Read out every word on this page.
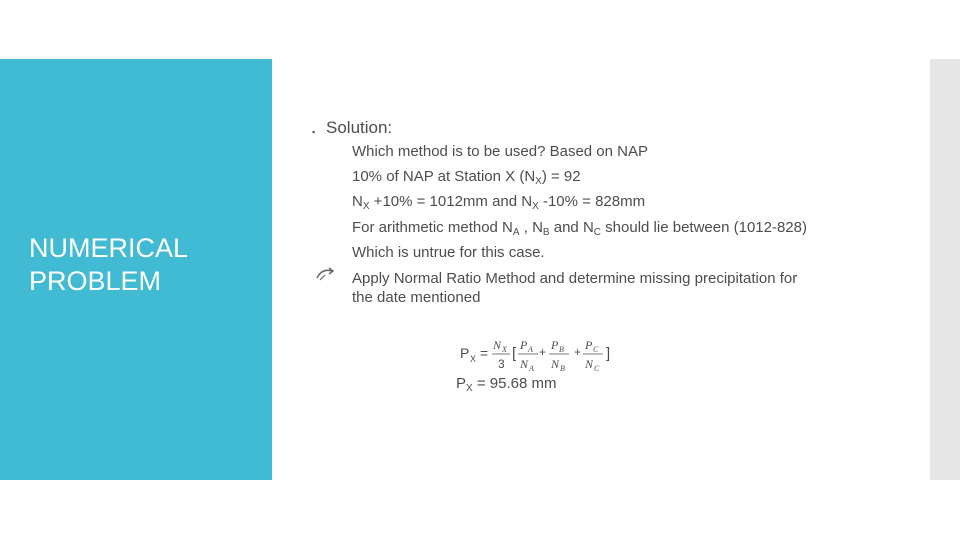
NUMERICAL
PROBLEM
▪ Solution:
Which method is to be used? Based on NAP
10% of NAP at Station X $(N_X) = 92$
$N_X +10\% = 1012mm$ and $N_X$ -10% = 828mm
For arithmetic method $N_A$ , $N_B$ and $N_C$ should lie between (1012-828)
Which is untrue for this case.
Apply Normal Ratio Method and determine missing precipitation for
the date mentioned
P X = N X
3
[ P A
N A
+ P B
N B
+ P C
N C
]
$P_X = 95.68$ mm
